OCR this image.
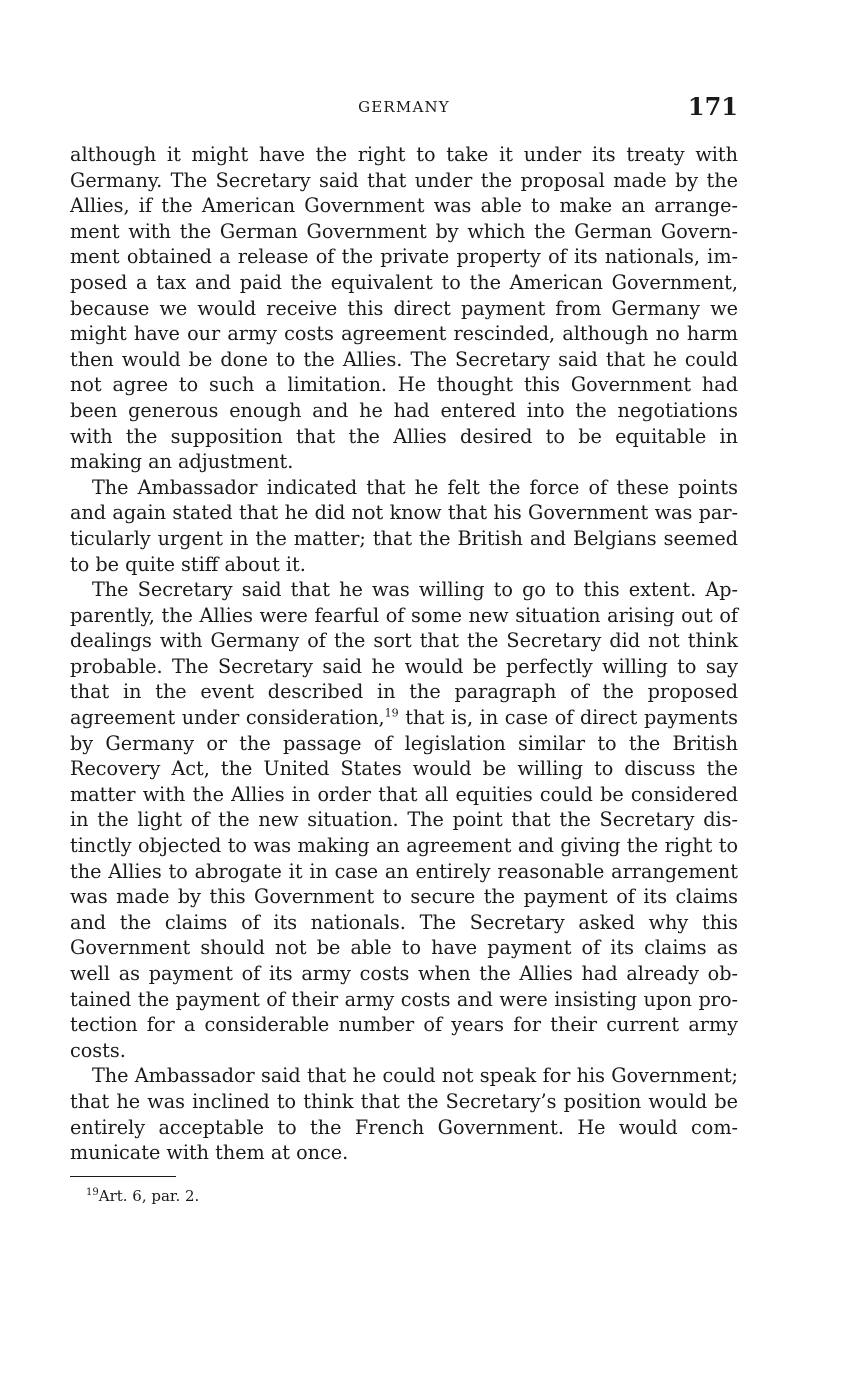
GERMANY	171

although it might have the right to take it under its treaty with Germany. The Secretary said that under the proposal made by the Allies, if the American Government was able to make an arrangement with the German Government by which the German Government obtained a release of the private property of its nationals, imposed a tax and paid the equivalent to the American Government, because we would receive this direct payment from Germany we might have our army costs agreement rescinded, although no harm then would be done to the Allies. The Secretary said that he could not agree to such a limitation. He thought this Government had been generous enough and he had entered into the negotiations with the supposition that the Allies desired to be equitable in making an adjustment.

The Ambassador indicated that he felt the force of these points and again stated that he did not know that his Government was particularly urgent in the matter; that the British and Belgians seemed to be quite stiff about it.

The Secretary said that he was willing to go to this extent. Apparently, the Allies were fearful of some new situation arising out of dealings with Germany of the sort that the Secretary did not think probable. The Secretary said he would be perfectly willing to say that in the event described in the paragraph of the proposed agreement under consideration,$^{19}$ that is, in case of direct payments by Germany or the passage of legislation similar to the British Recovery Act, the United States would be willing to discuss the matter with the Allies in order that all equities could be considered in the light of the new situation. The point that the Secretary distinctly objected to was making an agreement and giving the right to the Allies to abrogate it in case an entirely reasonable arrangement was made by this Government to secure the payment of its claims and the claims of its nationals. The Secretary asked why this Government should not be able to have payment of its claims as well as payment of its army costs when the Allies had already obtained the payment of their army costs and were insisting upon protection for a considerable number of years for their current army costs.

The Ambassador said that he could not speak for his Government; that he was inclined to think that the Secretary’s position would be entirely acceptable to the French Government. He would communicate with them at once.

$^{19}$Art. 6, par. 2.
